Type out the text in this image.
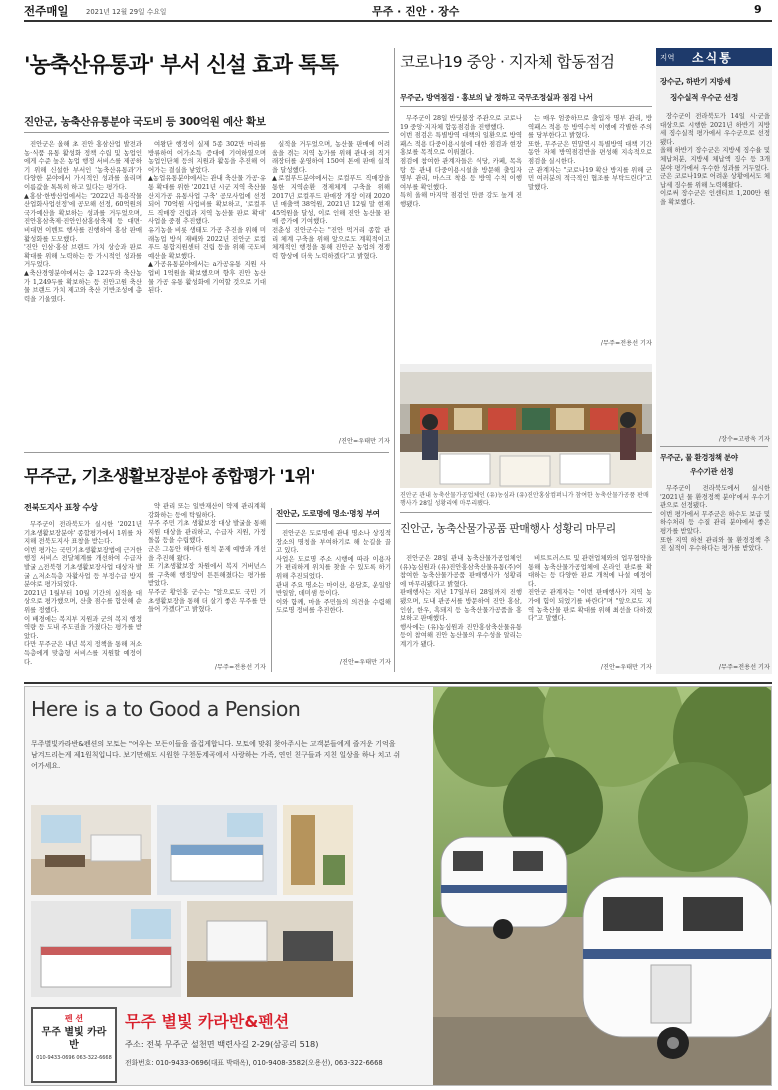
전주매일	2021년 12월 29일 수요일	무주 · 진안 · 장수	9
'농축산유통과' 부서 신설 효과 톡톡
진안군, 농축산유통분야 국도비 등 300억원 예산 확보

진안군은 올해 초 진안 홍삼산업 발전과 농·식품 유통 활성화 정책 수립 및 농업인에게 수준 높은 농업 행정 서비스를 제공하기 위해 신설한 부서인 '농축산유통과'가 다양한 분야에서 가시적인 성과를 올리며 이름값을 톡톡히 하고 있다는 평가다.
▲홍삼·한방산업에서는 '2022년 특용작물산업화사업선정'에 공모해 선정, 60억원의 국가예산을 확보하는 성과를 거두었으며, 진안홍삼축제·진안인삼홍삼축제 등 대면·비대면 이벤트 행사를 진행하여 홍삼 판매 활성화를 도모했다.
'진안 인삼·홍삼 브랜드 가치 상승과 판로 확대를 위해 노력하는 등 가시적인 성과를 거두었다.
▲축산경영분야에서는 총 122두와 축산농가 1,249두를 확보하는 등 진안고원 축산물 브랜드 가치 제고와 축산 기반조성에 총력을 기울였다.

여왕단 행정이 실제 5종 302만 마리를 방류하여 어가소득 증대에 기여하였으며 농업인단체 등의 지원과 활동을 추진해 이어가는 결실을 낳았다.
▲농업유통분야에서는 관내 축산물 가공·유통 확대를 위한 '2021년 시군 지역 축산물 산지가공 유통사업 구축' 공모사업에 선정되어 70억원 사업비를 확보하고, '로컬푸드 직매장 건립과 지역 농산물 판로 확대' 사업을 중점 추진했다.
유기농을 비롯 생태도 가공 추진을 위해 미래농업 방식 재배와 2022년 진안군 로컬푸드 통합지원센터 건립 등을 위해 국도비 예산을 확보했다.
▲가공유통분야에서는 a가공유통 지원 사업비 1억원을 확보했으며 향후 진안 농산물 가공 유통 활성화에 기여할 것으로 기대된다.

실적을 거두었으며, 농산물 판매에 어려움을 겪는 지역 농가를 위해 관내·외 직거래장터를 운영하여 150여 톤에 판매 실적을 달성했다.
▲로컬푸드분야에서는 로컬푸드 직매장을 통한 지역순환 경제체계 구축을 위해 2017년 로컬푸드 판매장 개장 이래 2020년 매출액 38억원, 2021년 12월 말 현재 45억원을 달성, 이로 인해 진안 농산물 판매 증가에 기여했다.
전춘성 진안군수는 "진안 먹거리 종합 관리 체계 구축을 위해 앞으로도 계획적이고 체계적인 행정을 통해 진안군 농업의 경쟁력 향상에 더욱 노력하겠다"고 밝혔다.

/진안=우태만 기자
무주군, 기초생활보장분야 종합평가 '1위'
전북도지사 표창 수상

무주군이 전라북도가 실시한 '2021년 기초생활보장분야' 종합평가에서 1위를 차지해 전북도지사 표창을 받는다.
이번 평가는 국민기초생활보장법에 근거한 행정 서비스 전달체계를 개선하여 수급자 발굴 △전북형 기초생활보장사업 대상자 발굴 △저소득층 자활사업 등 부정수급 방지 분야로 평가되었다.
2021년 1월부터 10월 기간의 실적을 대상으로 평가했으며, 산출 점수를 합산해 순위를 정했다.
이 배경에는 복지부 지원과 군의 복지 행정 역량 등 도내 주도권을 가졌다는 평가를 받았다.
다만 무주군은 내년 복지 정책을 통해 저소득층에게 맞춤형 서비스를 지원할 예정이다.

약 관리 또는 일반재산이 약제 관리계획 강화하는 등에 탁월하다.
무주 주민 기초 생활보장 대상 발굴을 통해 지원 대상을 관리하고, 수급자 지원, 가정 돌봄 등을 수립했다.
군은 그동안 해마다 원칙 문제 예방과 개선을 추진해 왔다.
또 기초생활보장 차원에서 복지 거버넌스를 구축해 행정망이 튼튼해졌다는 평가를 받았다.
무주군 황인홍 군수는 "앞으로도 국민 기초생활보장을 통해 더 살기 좋은 무주를 만들어 가겠다"고 밝혔다.

/무주=전용선 기자
진안군, 도로명에 명소·명칭 부여

진안군은 도로명에 관내 명소나 상징적 장소의 명칭을 부여하기로 해 눈길을 끌고 있다.
사업은 도로명 주소 시행에 따라 이용자가 편리하게 위치를 찾을 수 있도록 하기 위해 추진되었다.
관내 주요 명소는 마이산, 용담호, 운일암반일암, 데미샘 등이다.
이와 함께, 마을 주민들의 의견을 수렴해 도로명 정비를 추진한다.

/진안=우태만 기자
코로나19 중앙 · 지자체 합동점검
무주군, 방역점검 · 홍보의 날 정하고 국무조정실과 점검 나서

무주군이 28일 반딧불장 주관으로 코로나19 중앙·지자체 합동점검을 진행했다.
이번 점검은 특별방역 대책의 일환으로 방역패스 적용 다중이용시설에 대한 점검과 현장 홍보를 목적으로 이뤄졌다.
점검에 참여한 관계자들은 식당, 카페, 목욕탕 등 관내 다중이용시설을 방문해 출입자 명부 관리, 마스크 착용 등 방역 수칙 이행 여부를 확인했다.
특히 올해 마지막 점검인 만큼 강도 높게 진행됐다.

는 매우 엄중하므로 출입자 명부 관리, 방역패스 적용 등 방역수칙 이행에 각별한 주의를 당부한다고 밝혔다.
또한, 무주군은 연말연시 특별방역 대책 기간 동안 자체 방역점검반을 편성해 지속적으로 점검을 실시한다.
군 관계자는 "코로나19 확산 방지를 위해 군민 여러분의 적극적인 협조를 부탁드린다"고 말했다.

/무주=전용선 기자
진안군 관내 농축산물가공업체인 (유)농심과 (유)진안홍삼컴퍼니가 참여한 농축산물가공품 판매행사가 28일 성황리에 마무리됐다.
진안군, 농축산물가공품 판매행사 성황리 마무리

진안군은 28일 관내 농축산물가공업체인 (유)농심원과 (유)진안홍삼축산물유통(주)이 참여한 농축산물가공품 판매행사가 성황리에 마무리됐다고 밝혔다.
판매행사는 지난 17일부터 28일까지 진행됐으며, 도내 관공서를 방문하여 진안 홍삼, 인삼, 한우, 흑돼지 등 농축산물가공품을 홍보하고 판매했다.
행사에는 (유)농심원과 진안홍삼축산물유통 등이 참여해 진안 농산물의 우수성을 알리는 계기가 됐다.

비트트러스트 및 관련업체와의 업무협약을 통해 농축산물가공업체에 온라인 판로를 확대하는 등 다양한 판로 개척에 나설 예정이다.
진안군 관계자는 "이번 판매행사가 지역 농가에 힘이 되었기를 바란다"며 "앞으로도 지역 농축산물 판로 확대를 위해 최선을 다하겠다"고 말했다.

/진안=우태만 기자
지역 소식통
장수군, 하반기 지방세
징수실적 우수군 선정

장수군이 전라북도가 14일 시·군을 대상으로 시행한 2021년 하반기 지방세 징수실적 평가에서 우수군으로 선정됐다.
올해 하반기 장수군은 지방세 징수율 및 체납처분, 지방세 체납액 징수 등 3개 분야 평가에서 우수한 성과를 거두었다.
군은 코로나19로 어려운 상황에서도 체납세 징수를 위해 노력해왔다.
이로써 장수군은 인센티브 1,200만 원을 확보했다.

/장수=고광욱 기자
무주군, 물 환경정책 분야
우수기관 선정

무주군이 전라북도에서 실시한 '2021년 물 환경정책 분야'에서 우수기관으로 선정됐다.
이번 평가에서 무주군은 하수도 보급 및 하수처리 등 수질 관리 분야에서 좋은 평가를 받았다.
또한 지역 하천 관리와 물 환경정책 추진 실적이 우수하다는 평가를 받았다.

/무주=전용선 기자
Here is a to Good a Pension
무주별빛카라반&펜션의 모토는 "여우는 모든이들을 즐겁게합니다. 모토에 맞춰 찾아주시는 고객분들에게 즐거운 기억을 남겨드리는게 제1원칙입니다. 보기만해도 시원한 구천동계곡에서 사랑하는 가족, 연인 친구들과 지친 일상을 하나 치고 쉬어가세요.
펜 션
무주 별빛 카라반
010-9433-0696 063-322-6668
무주 별빛 카라반&펜션
주소: 전북 무주군 설천면 백련사길 2-29(삼공리 518)
전화번호: 010-9433-0696(대표 박태옥), 010-9408-3582(오용선), 063-322-6668
